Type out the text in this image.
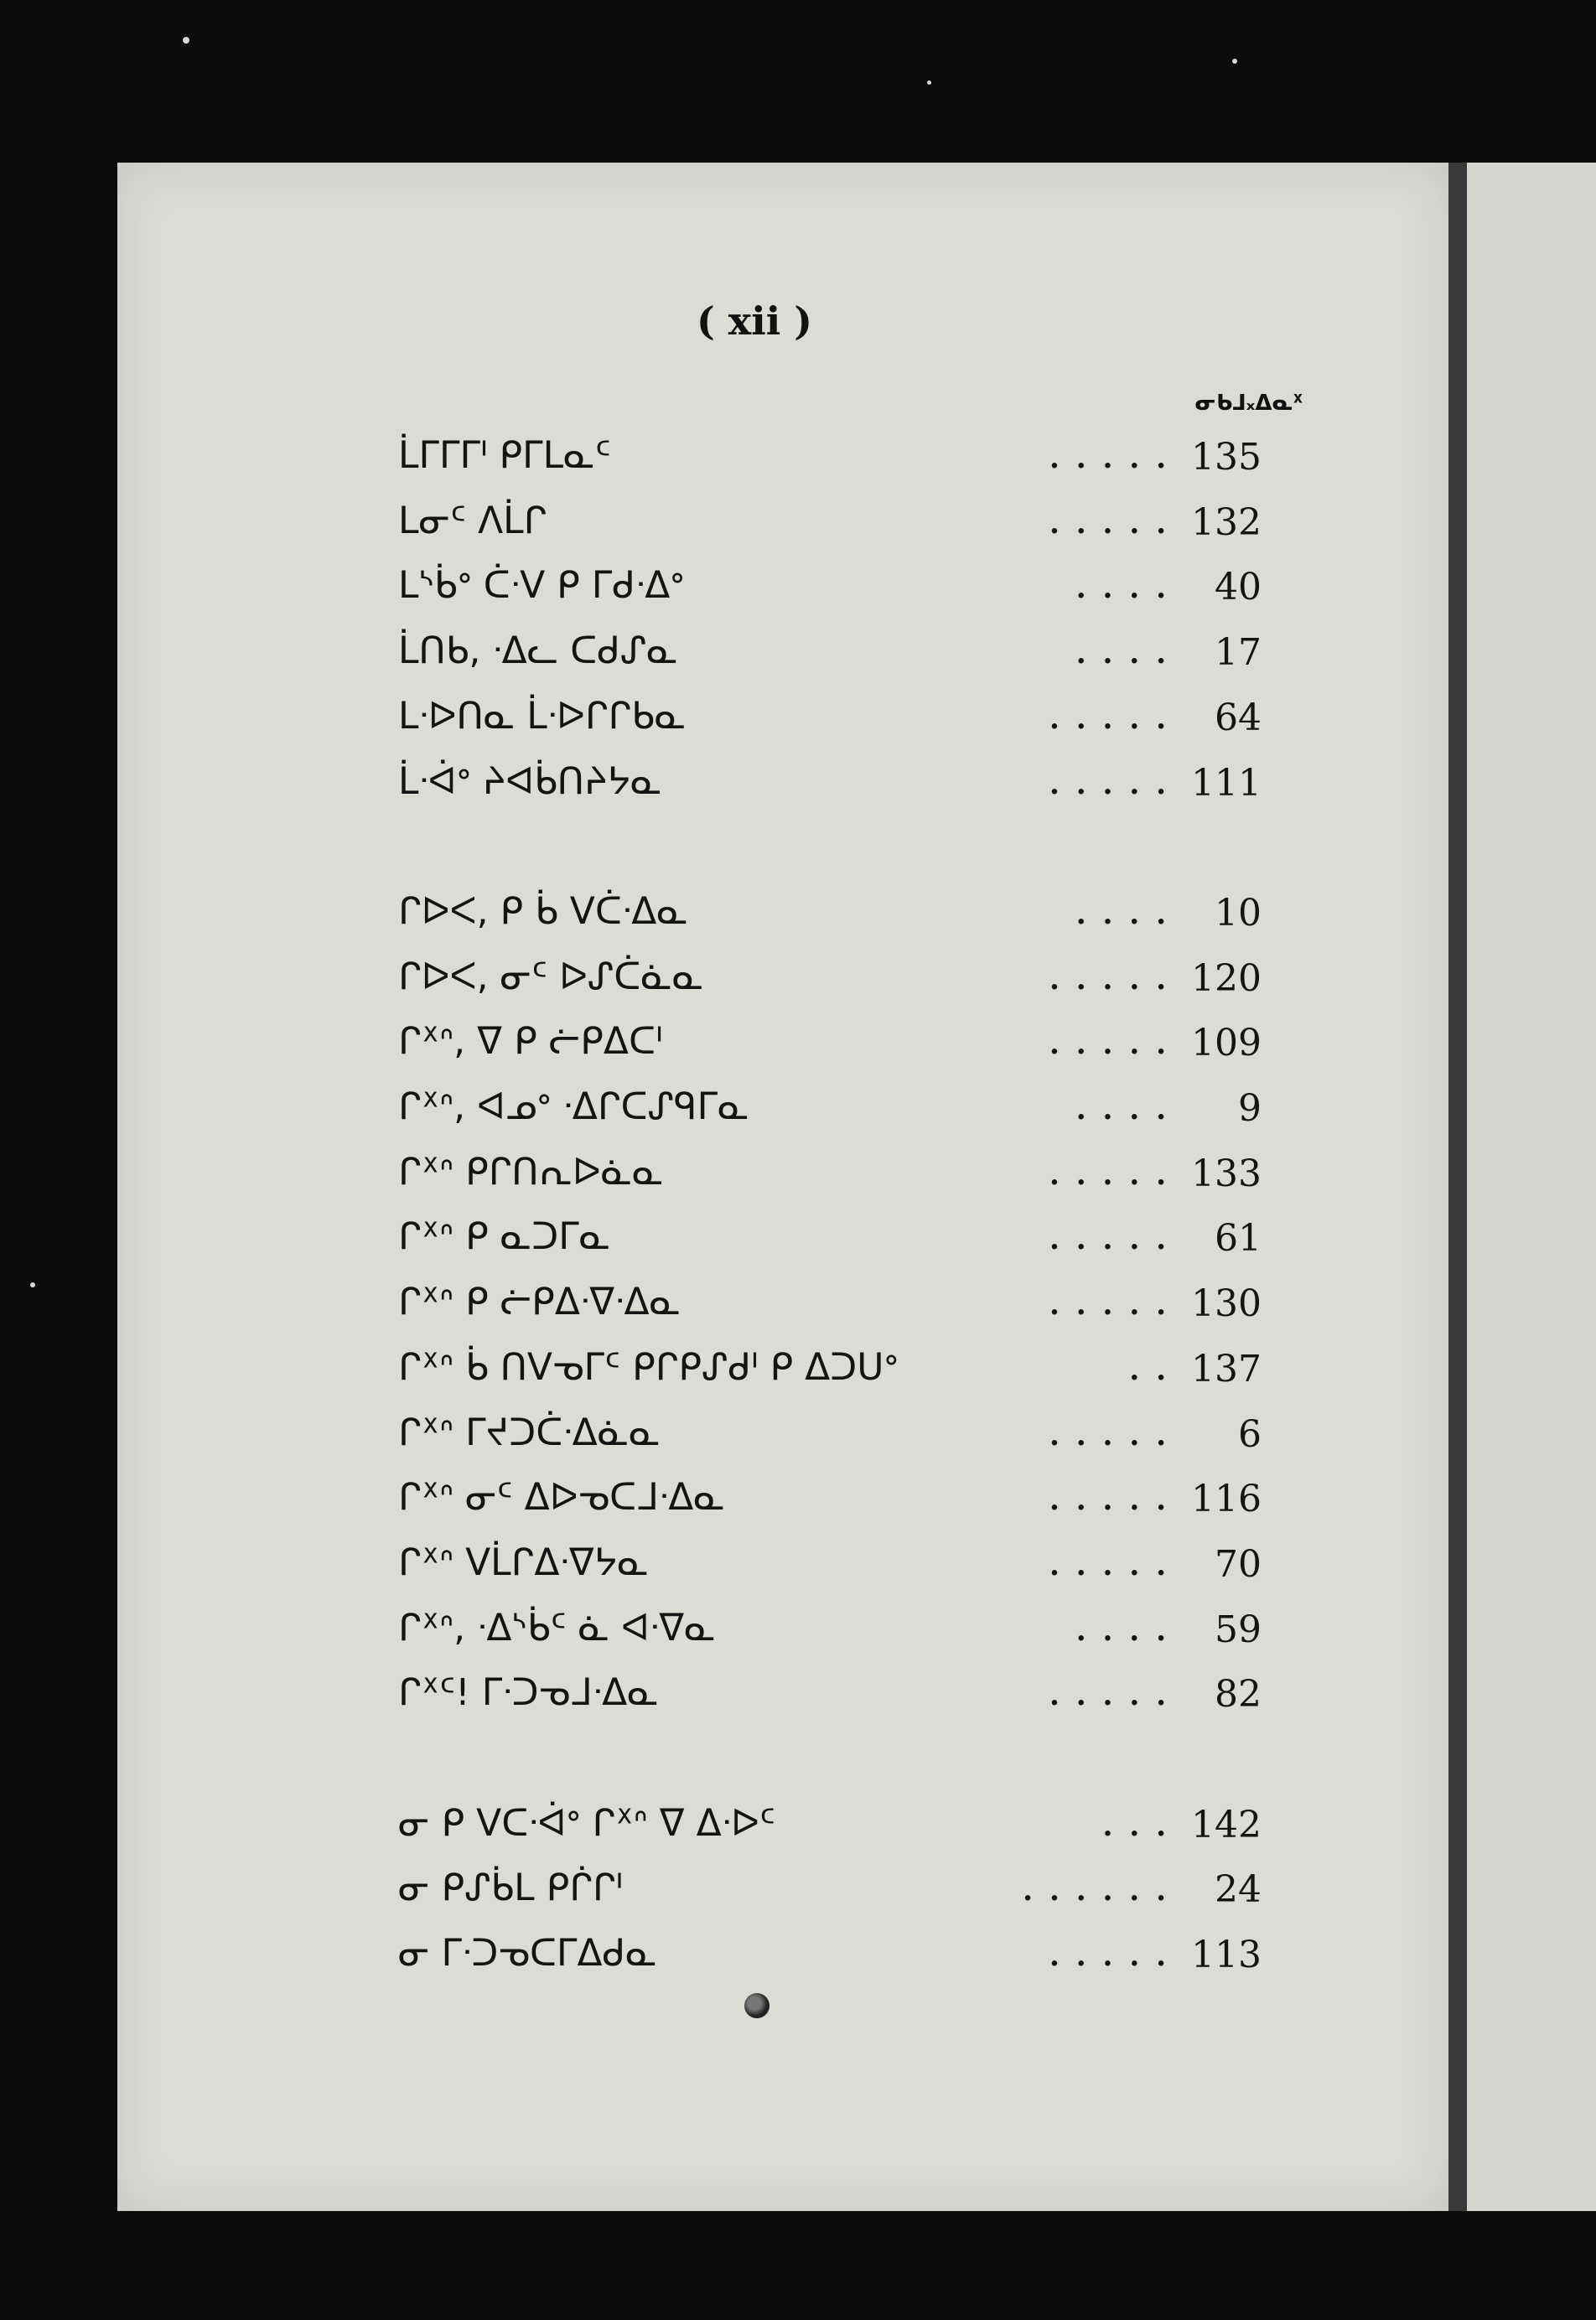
( xii )
ᓂᑲᒧ᙮ᐃᓇᕽ
ᒫᒥᒥᒥᑊ ᑭᒥᒪᓇᑦ	. . . . . 135
ᒪᓂᑦ ᐱᒫᒋ	. . . . . 132
ᒪᔅᑳᐤ ᑖᐧᐯ ᑭ ᒥᑯᐧᐃᐤ	. . . .	40
ᒫᑎᑲ, ᐧᐃᓚ ᑕᑯᔑᓇ	. . . .	17
ᒪᐧᐅᑎᓇ ᒫᐧᐅᒋᒋᑲᓇ	. . . . .	64
ᒫᐧᐋᐤ ᔨᐊᑳᑎᔨᔭᓇ	. . . . . 111
ᒋᐅᐸ, ᑭ ᑳ ᐯᑖᐧᐃᓇ	. . . .	10
ᒋᐅᐸ, ᓂᑦ ᐅᔑᑖᓈᓇ	. . . . . 120
ᒋᕽᐢ, ᐁ ᑭ ᓖᑭᐃᑕᑊ	. . . . . 109
ᒋᕽᐢ, ᐊᓄᐤ ᐧᐃᒋᑕᔑᑫᒥᓇ	. . . .	9
ᒋᕽᐢ ᑭᒋᑎᕆᐅᓈᓇ	. . . . . 133
ᒋᕽᐢ ᑭ ᓇᑐᒥᓇ	. . . . .	61
ᒋᕽᐢ ᑭ ᓖᑭᐃᐧᐁᐧᐃᓇ	. . . . . 130
ᒋᕽᐢ ᑳ ᑎᐯᓀᒥᑦ ᑭᒋᑭᔑᑯᑊ ᑭ ᐃᑐᑌᐤ	. . 137
ᒋᕽᐢ ᒥᔪᑐᑖᐧᐃᓈᓇ	. . . . .	6
ᒋᕽᐢ ᓂᑦ ᐃᐅᓀᑕᒧᐧᐃᓇ	. . . . . 116
ᒋᕽᐢ ᐯᒫᒋᐃᐧᐁᔭᓇ	. . . . .	70
ᒋᕽᐢ, ᐧᐃᔅᑳᑦ ᓈ ᐊᐧᐁᓇ	. . . .	59
ᒋᕽᑦ! ᒥᐧᑐᓀᒧᐧᐃᓇ	. . . . .	82
ᓂ ᑭ ᐯᑕᐧᐋᐤ ᒋᕽᐢ ᐁ ᐃᐧᐅᑦ	. . . 142
ᓂ ᑭᔑᑳᒪ ᑭᒌᒋᑊ	. . . . . .	24
ᓂ ᒥᐧᑐᓀᑕᒥᐃᑯᓇ	. . . . . 113
